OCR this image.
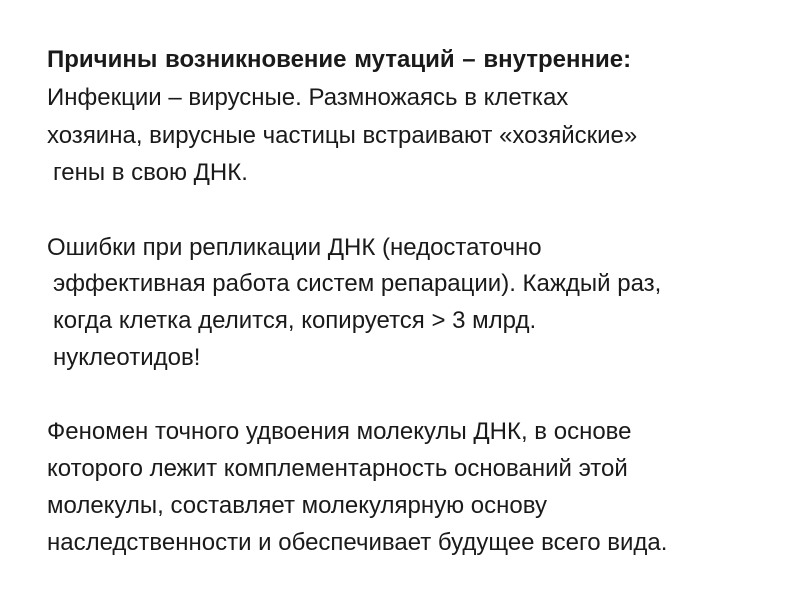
Причины возникновение мутаций – внутренние:
Инфекции – вирусные. Размножаясь в клетках
хозяина, вирусные частицы встраивают «хозяйские»
гены в свою ДНК.
Ошибки при репликации ДНК (недостаточно
эффективная работа систем репарации). Каждый раз,
когда клетка делится, копируется > 3 млрд.
нуклеотидов!
Феномен точного удвоения молекулы ДНК, в основе
которого лежит комплементарность оснований этой
молекулы, составляет молекулярную основу
наследственности и обеспечивает будущее всего вида.
